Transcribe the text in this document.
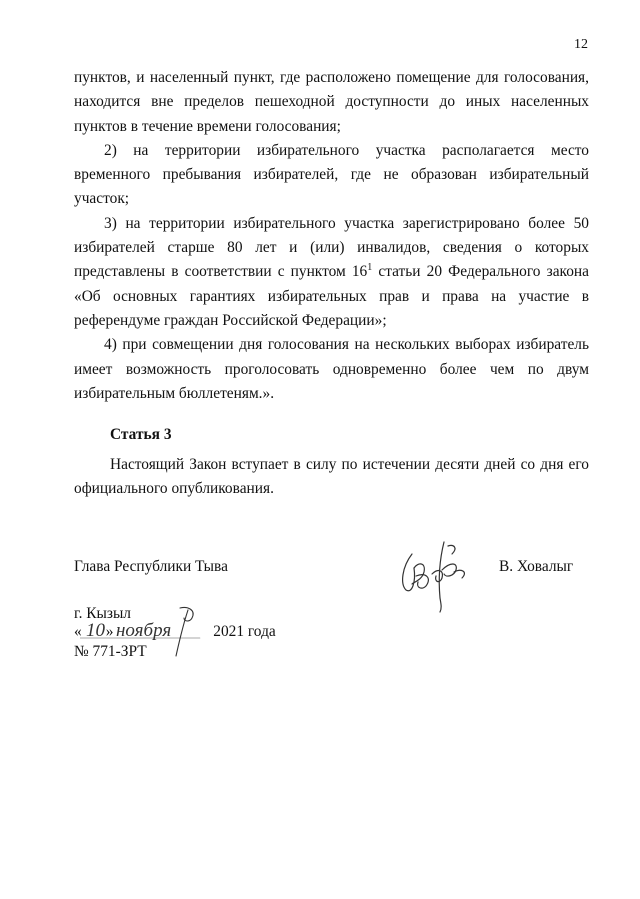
12

пунктов, и населенный пункт, где расположено помещение для голосования, находится вне пределов пешеходной доступности до иных населенных пунктов в течение времени голосования;

2) на территории избирательного участка располагается место временного пребывания избирателей, где не образован избирательный участок;

3) на территории избирательного участка зарегистрировано более 50 избирателей старше 80 лет и (или) инвалидов, сведения о которых представлены в соответствии с пунктом $16^1$ статьи 20 Федерального закона «Об основных гарантиях избирательных прав и права на участие в референдуме граждан Российской Федерации»;

4) при совмещении дня голосования на нескольких выборах избиратель имеет возможность проголосовать одновременно более чем по двум избирательным бюллетеням.».

Статья 3
Настоящий Закон вступает в силу по истечении десяти дней со дня его официального опубликования.
Глава Республики Тыва	В. Ховалыг
г. Кызыл
« »	2021 года
10 ноября
№ 771-ЗРТ
